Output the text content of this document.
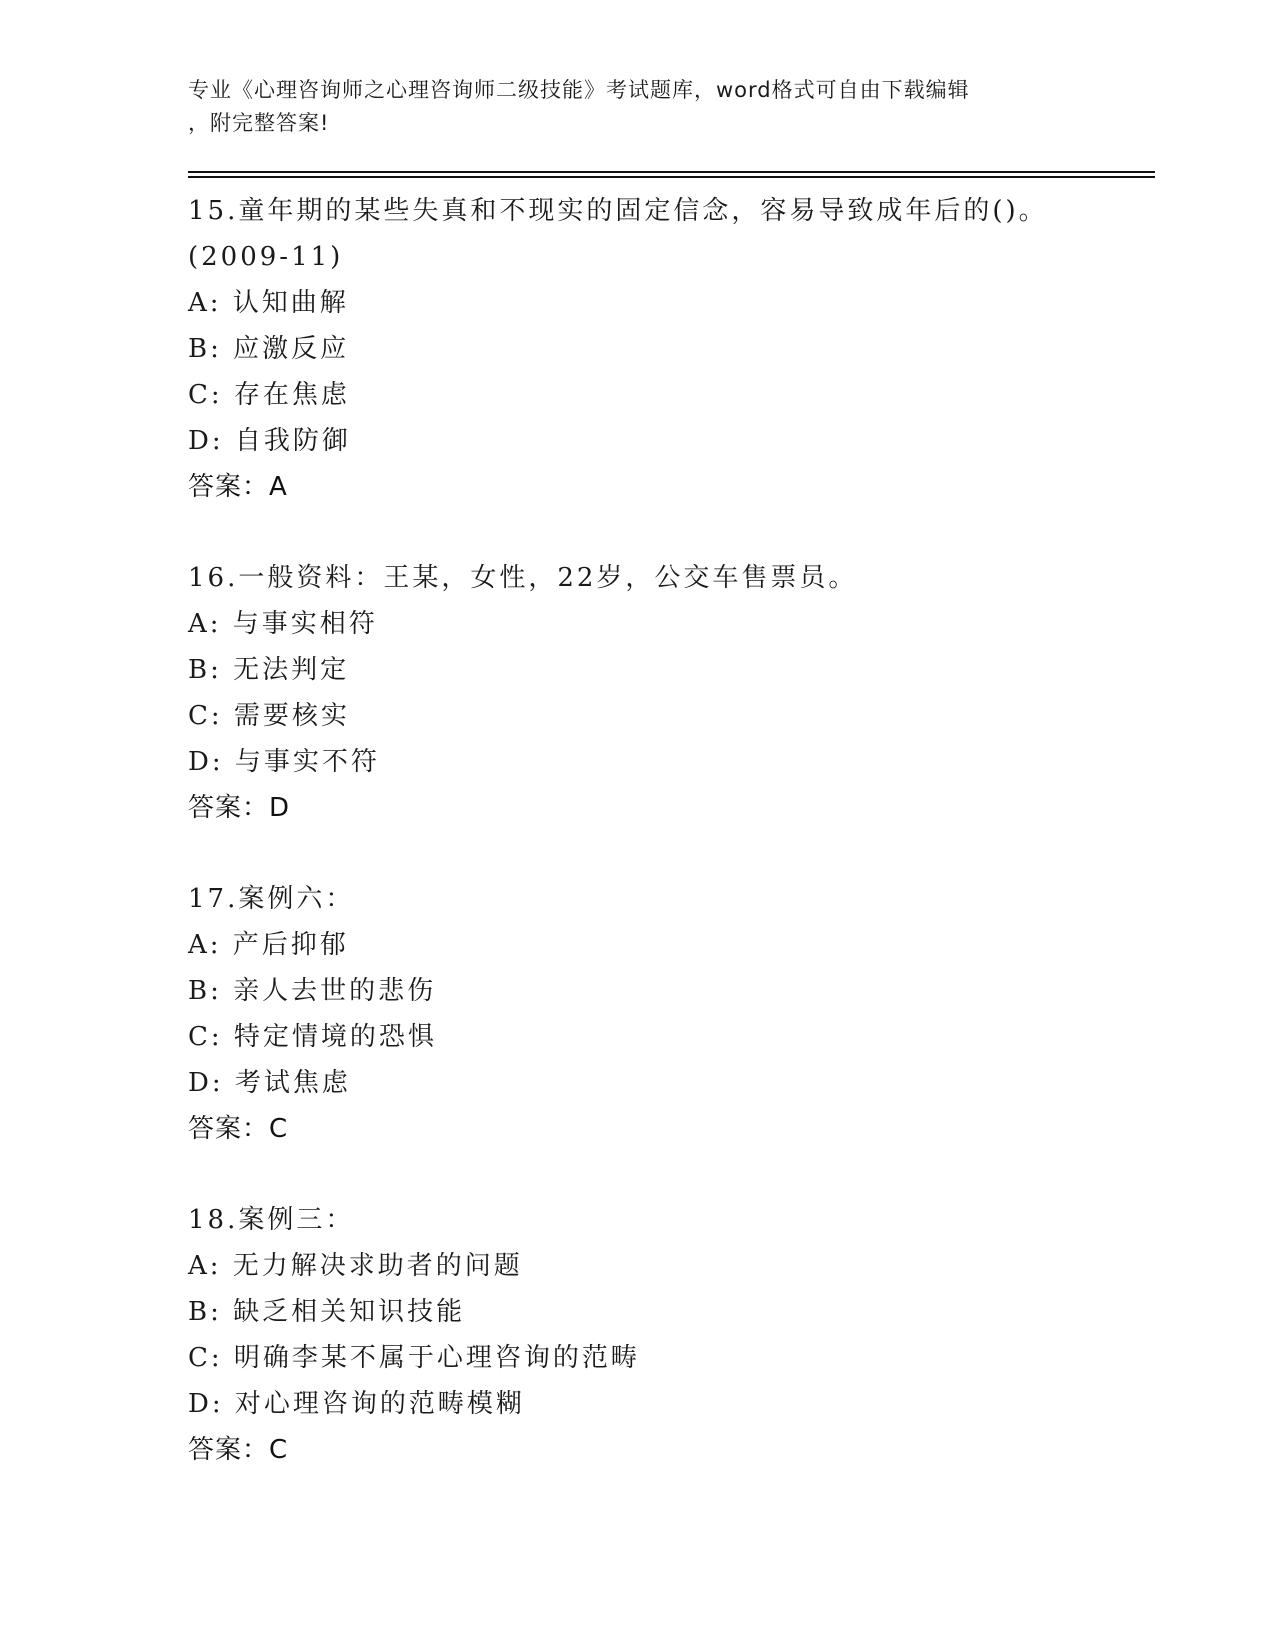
专业《心理咨询师之心理咨询师二级技能》考试题库，word格式可自由下载编辑
，附完整答案!
15.童年期的某些失真和不现实的固定信念，容易导致成年后的()。
(2009-11)
A: 认知曲解
B: 应激反应
C: 存在焦虑
D: 自我防御
答案：A
16.一般资料：王某，女性，22岁，公交车售票员。
A: 与事实相符
B: 无法判定
C: 需要核实
D: 与事实不符
答案：D
17.案例六：
A: 产后抑郁
B: 亲人去世的悲伤
C: 特定情境的恐惧
D: 考试焦虑
答案：C
18.案例三：
A: 无力解决求助者的问题
B: 缺乏相关知识技能
C: 明确李某不属于心理咨询的范畴
D: 对心理咨询的范畴模糊
答案：C
